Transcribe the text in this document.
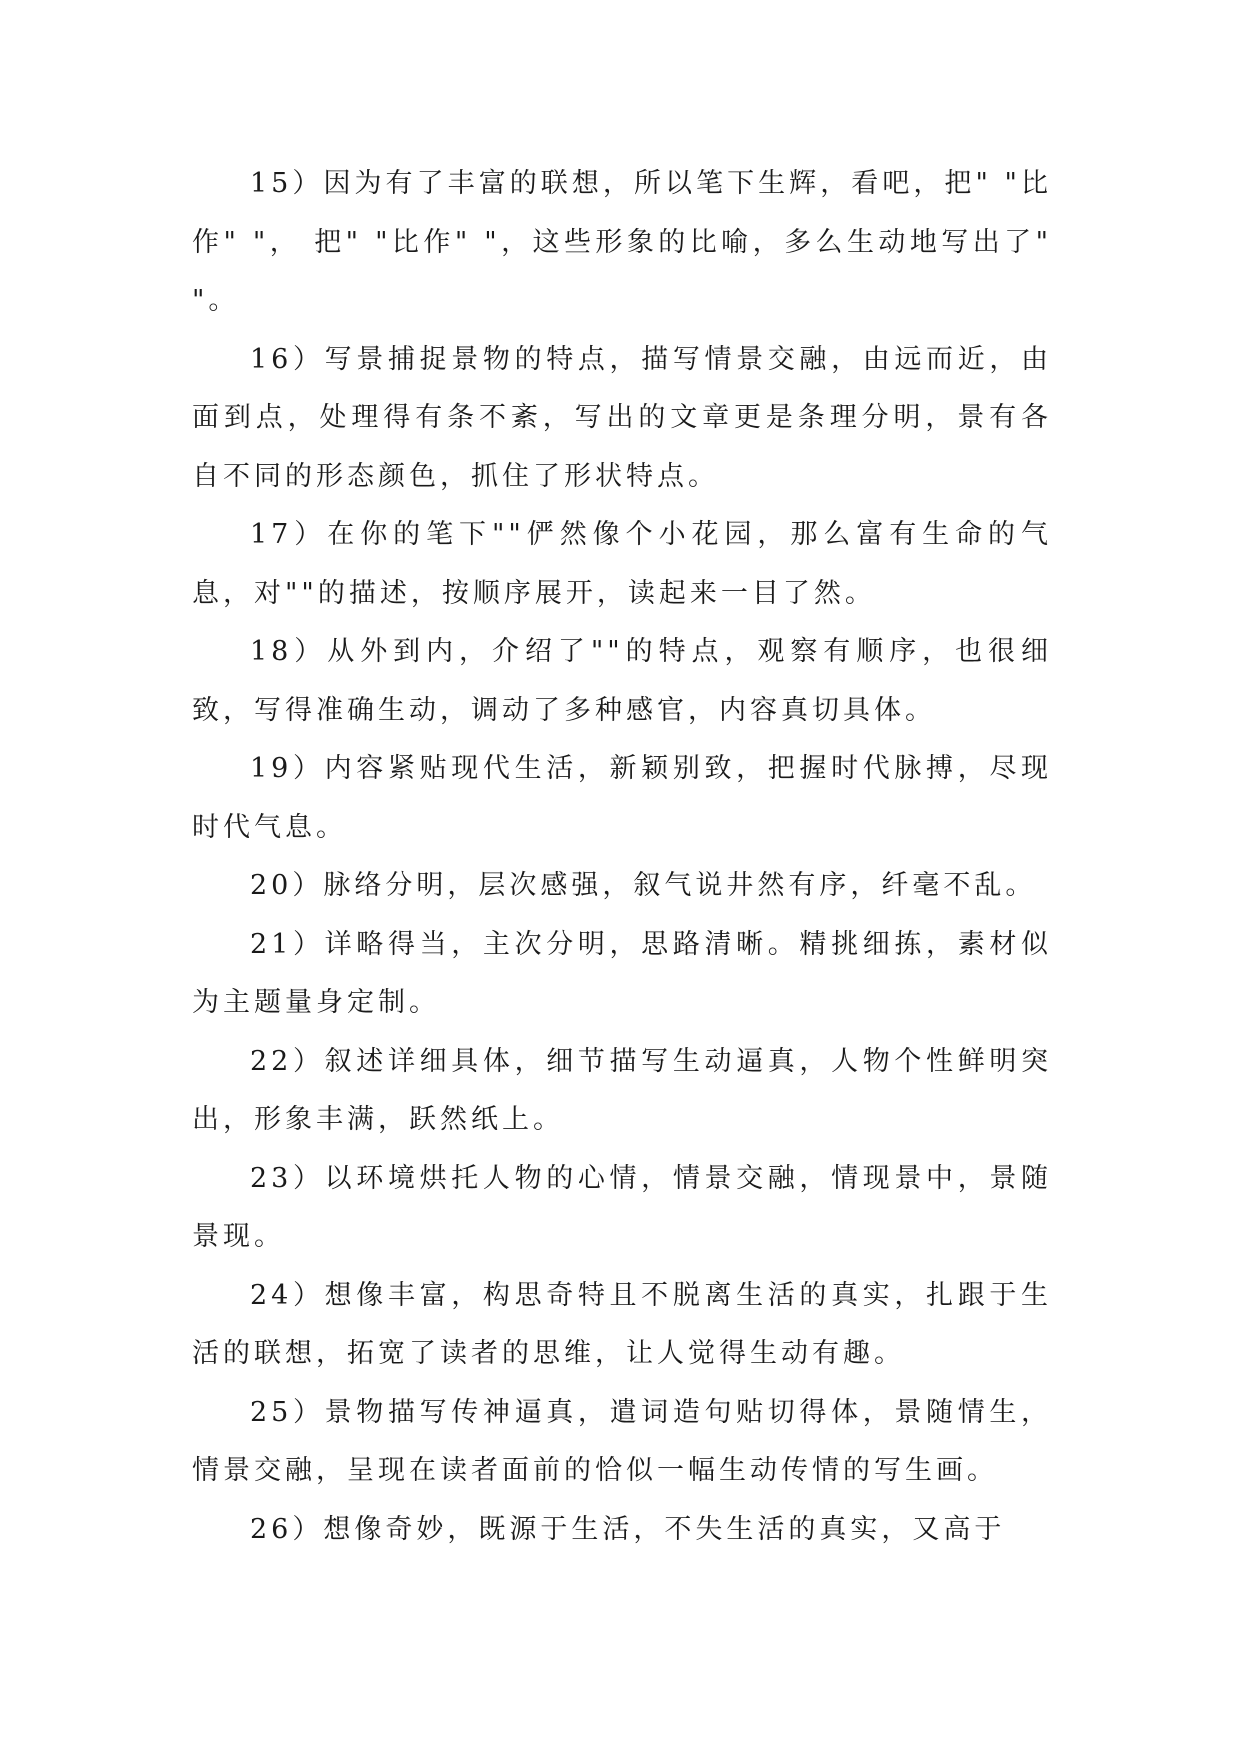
15）因为有了丰富的联想，所以笔下生辉，看吧，把" "比作" "， 把" "比作" "，这些形象的比喻，多么生动地写出了" "。

16）写景捕捉景物的特点，描写情景交融，由远而近，由面到点，处理得有条不紊，写出的文章更是条理分明，景有各自不同的形态颜色，抓住了形状特点。

17）在你的笔下""俨然像个小花园，那么富有生命的气息，对""的描述，按顺序展开，读起来一目了然。

18）从外到内，介绍了""的特点，观察有顺序，也很细致，写得准确生动，调动了多种感官，内容真切具体。

19）内容紧贴现代生活，新颖别致，把握时代脉搏，尽现时代气息。

20）脉络分明，层次感强，叙气说井然有序，纤毫不乱。

21）详略得当，主次分明，思路清晰。精挑细拣，素材似为主题量身定制。

22）叙述详细具体，细节描写生动逼真，人物个性鲜明突出，形象丰满，跃然纸上。

23）以环境烘托人物的心情，情景交融，情现景中，景随景现。

24）想像丰富，构思奇特且不脱离生活的真实，扎跟于生活的联想，拓宽了读者的思维，让人觉得生动有趣。

25）景物描写传神逼真，遣词造句贴切得体，景随情生，情景交融，呈现在读者面前的恰似一幅生动传情的写生画。

26）想像奇妙，既源于生活，不失生活的真实，又高于
